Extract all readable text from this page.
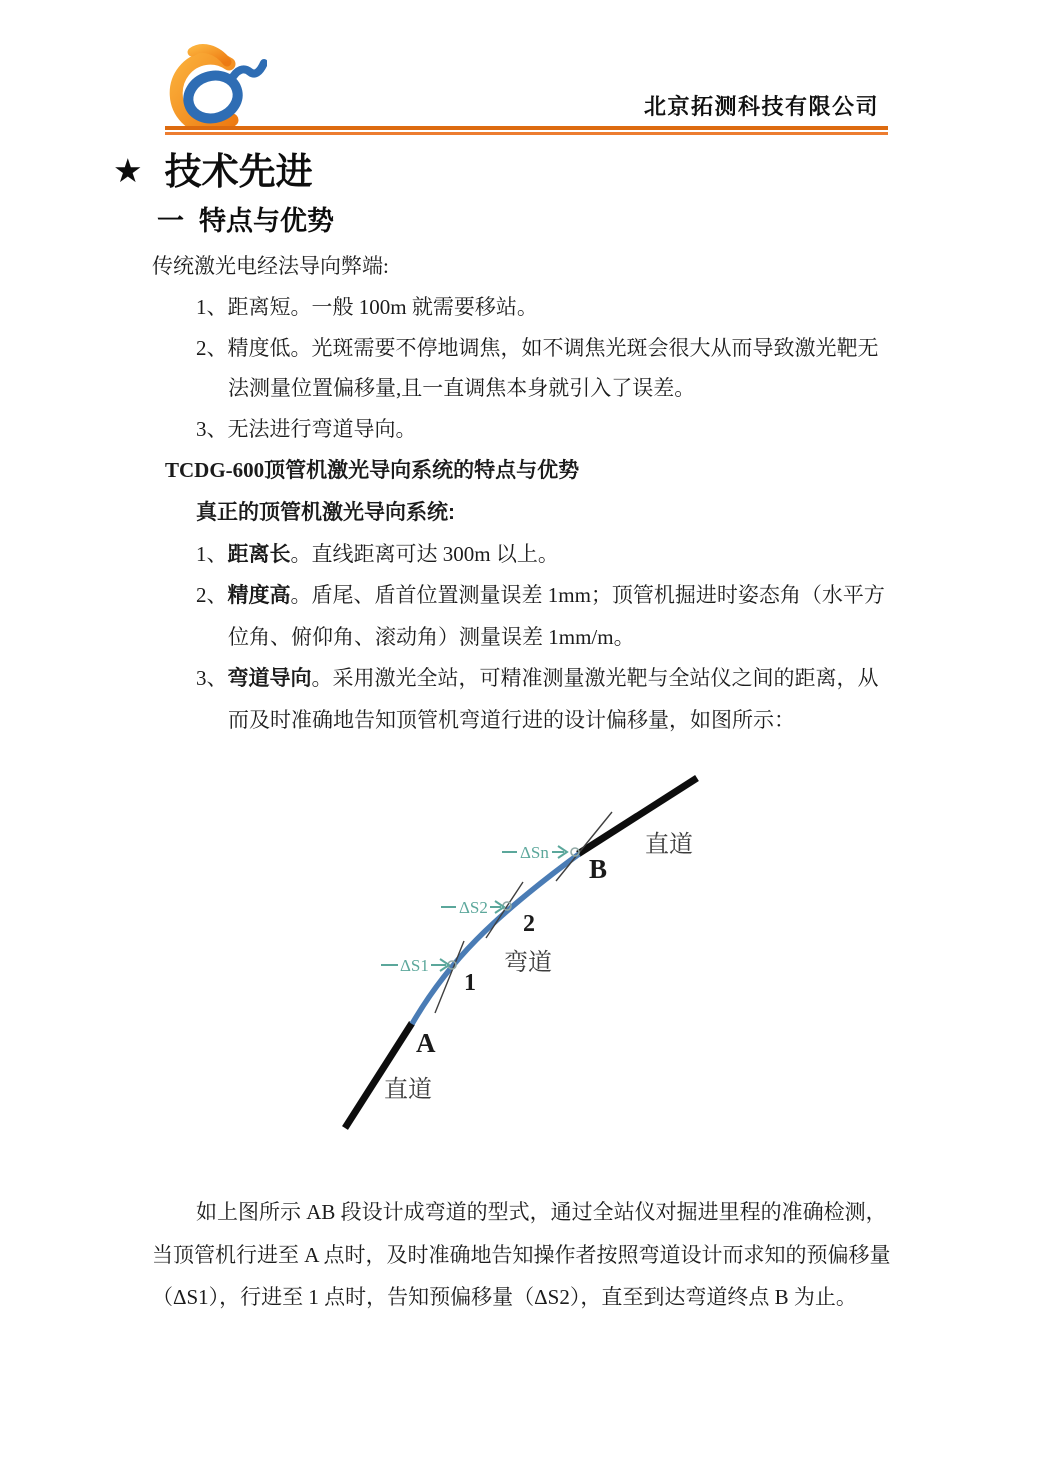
北京拓测科技有限公司
★ 技术先进
一  特点与优势
传统激光电经法导向弊端:
1、距离短。一般 100m 就需要移站。
2、精度低。光斑需要不停地调焦，如不调焦光斑会很大从而导致激光靶无
法测量位置偏移量,且一直调焦本身就引入了误差。
3、无法进行弯道导向。
TCDG-600顶管机激光导向系统的特点与优势
真正的顶管机激光导向系统:
1、距离长。直线距离可达 300m 以上。
2、精度高。盾尾、盾首位置测量误差 1mm；顶管机掘进时姿态角（水平方
位角、俯仰角、滚动角）测量误差 1mm/m。
3、弯道导向。采用激光全站，可精准测量激光靶与全站仪之间的距离，从
而及时准确地告知顶管机弯道行进的设计偏移量，如图所示：
ΔS1
ΔS2
ΔSn	直道
B
2
弯道
1
A
直道
如上图所示 AB 段设计成弯道的型式，通过全站仪对掘进里程的准确检测，
当顶管机行进至 A 点时，及时准确地告知操作者按照弯道设计而求知的预偏移量
（ΔS1），行进至 1 点时，告知预偏移量（ΔS2），直至到达弯道终点 B 为止。
